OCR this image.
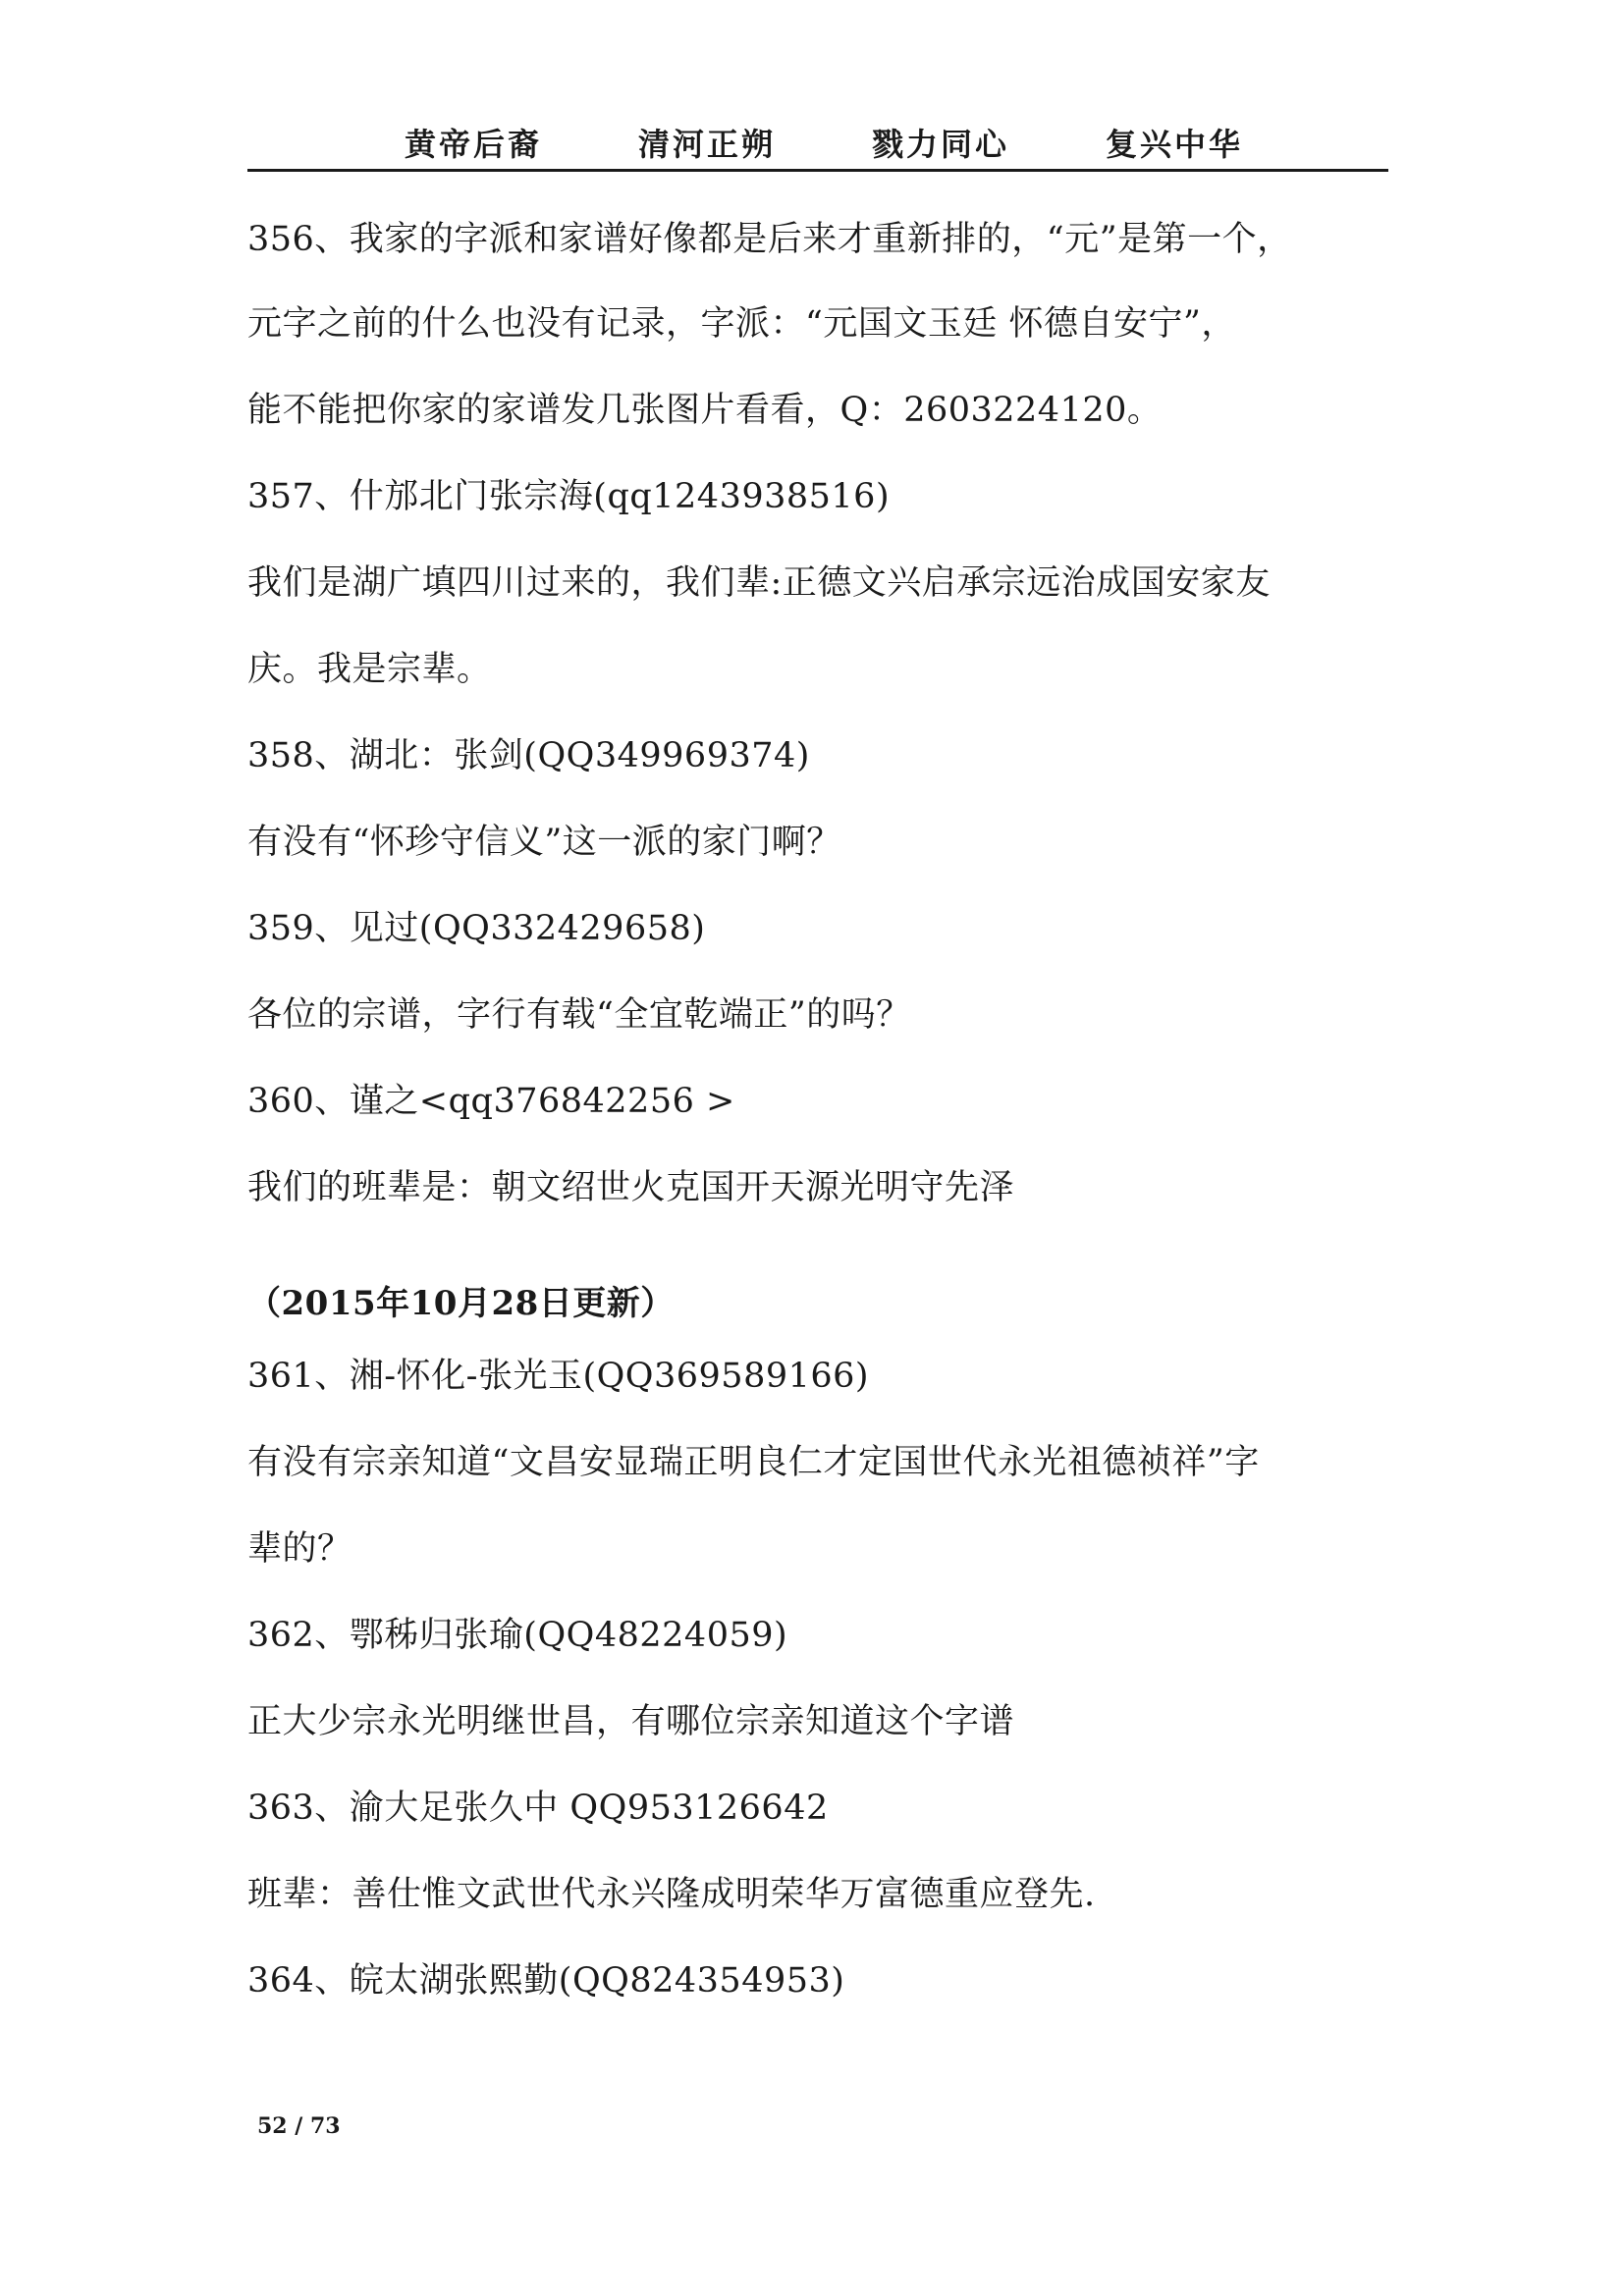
黄帝后裔	清河正朔	戮力同心	复兴中华
356、我家的字派和家谱好像都是后来才重新排的，“元”是第一个，
元字之前的什么也没有记录，字派：“元国文玉廷 怀德自安宁”，
能不能把你家的家谱发几张图片看看，Q：2603224120。
357、什邡北门张宗海(qq1243938516)
我们是湖广填四川过来的，我们辈:正德文兴启承宗远治成国安家友
庆。我是宗辈。
358、湖北：张剑(QQ349969374)
有没有“怀珍守信义”这一派的家门啊？
359、见过(QQ332429658)
各位的宗谱，字行有载“全宜乾端正”的吗？
360、谨之<qq376842256 >
我们的班辈是：朝文绍世火克国开天源光明守先泽
（2015年10月28日更新）
361、湘-怀化-张光玉(QQ369589166)
有没有宗亲知道“文昌安显瑞正明良仁才定国世代永光祖德祯祥”字
辈的？
362、鄂秭归张瑜(QQ48224059)
正大少宗永光明继世昌，有哪位宗亲知道这个字谱
363、渝大足张久中 QQ953126642
班辈：善仕惟文武世代永兴隆成明荣华万富德重应登先.
364、皖太湖张熙勤(QQ824354953)
52 / 73
